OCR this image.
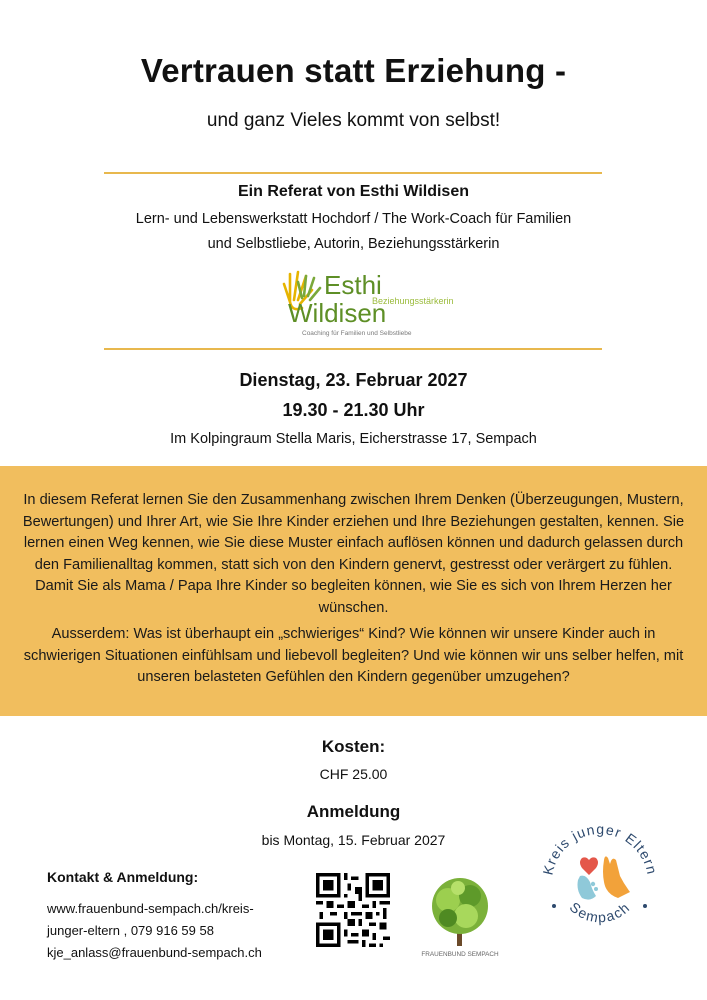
Vertrauen statt Erziehung -
und ganz Vieles kommt von selbst!
Ein Referat von Esthi Wildisen
Lern- und Lebenswerkstatt Hochdorf / The Work-Coach für Familien
und Selbstliebe, Autorin, Beziehungsstärkerin
Esthi
Beziehungsstärkerin
Wildisen
Coaching für Familien und Selbstliebe
Dienstag, 23. Februar 2027
19.30 - 21.30 Uhr
Im Kolpingraum Stella Maris, Eicherstrasse 17, Sempach

In diesem Referat lernen Sie den Zusammenhang zwischen Ihrem Denken (Überzeugungen, Mustern, Bewertungen) und Ihrer Art, wie Sie Ihre Kinder erziehen und Ihre Beziehungen gestalten, kennen. Sie lernen einen Weg kennen, wie Sie diese Muster einfach auflösen können und dadurch gelassen durch den Familienalltag kommen, statt sich von den Kindern genervt, gestresst oder verärgert zu fühlen. Damit Sie als Mama / Papa Ihre Kinder so begleiten können, wie Sie es sich von Ihrem Herzen her wünschen.

Ausserdem: Was ist überhaupt ein „schwieriges“ Kind? Wie können wir unsere Kinder auch in schwierigen Situationen einfühlsam und liebevoll begleiten? Und wie können wir uns selber helfen, mit unseren belasteten Gefühlen den Kindern gegenüber umzugehen?

Kosten:
CHF 25.00
Anmeldung
bis Montag, 15. Februar 2027
Kontakt & Anmeldung:
www.frauenbund-sempach.ch/kreis-
junger-eltern , 079 916 59 58
kje_anlass@frauenbund-sempach.ch	FRAUENBUND SEMPACH
Kreis junger Eltern
Sempach
